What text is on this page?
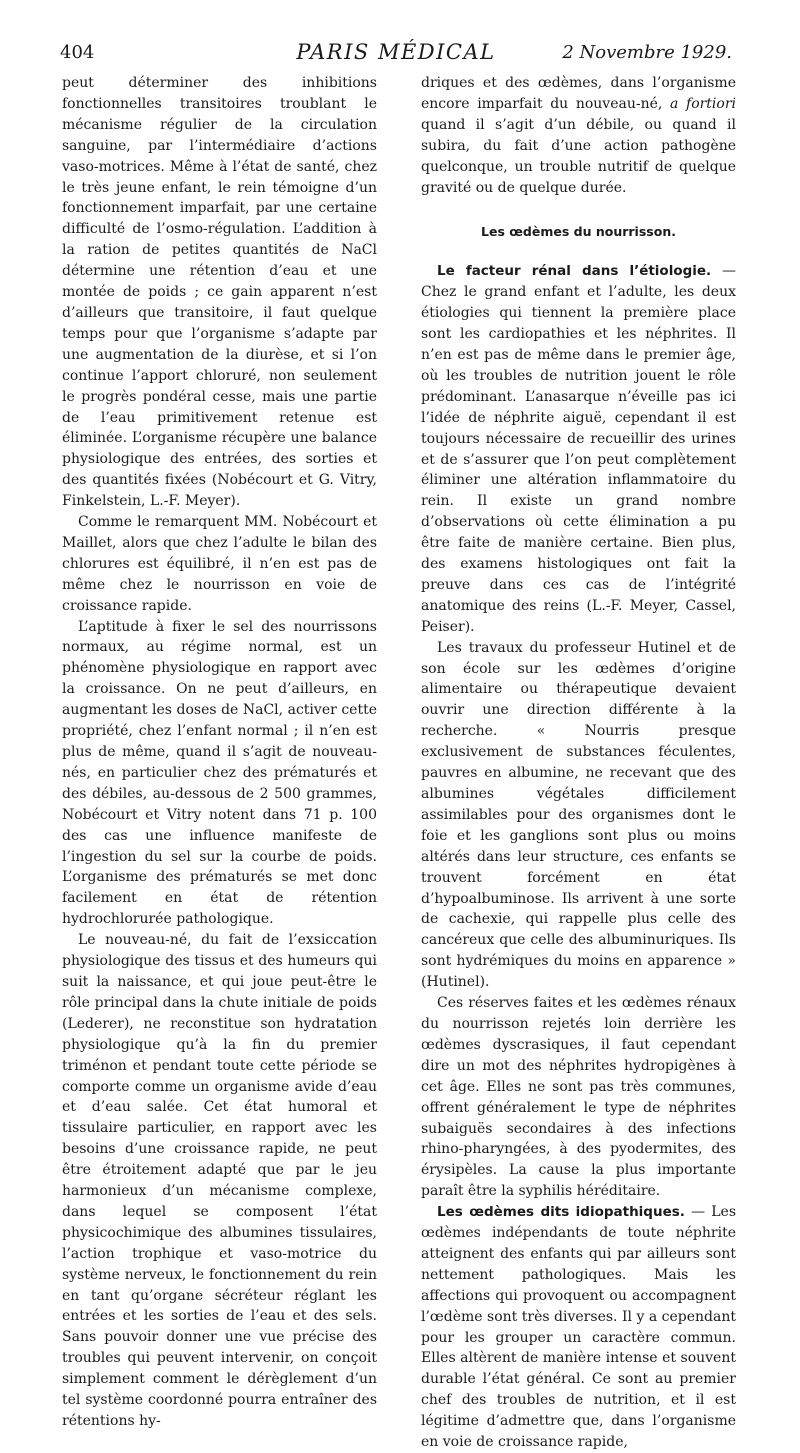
404	PARIS MÉDICAL	2 Novembre 1929.

peut déterminer des inhibitions fonctionnelles transitoires troublant le mécanisme régulier de la circulation sanguine, par l’intermédiaire d’actions vaso-motrices. Même à l’état de santé, chez le très jeune enfant, le rein témoigne d’un fonctionnement imparfait, par une certaine difficulté de l’osmo-régulation. L’addition à la ration de petites quantités de NaCl détermine une rétention d’eau et une montée de poids ; ce gain apparent n’est d’ailleurs que transitoire, il faut quelque temps pour que l’organisme s’adapte par une augmentation de la diurèse, et si l’on continue l’apport chloruré, non seulement le progrès pondéral cesse, mais une partie de l’eau primitivement retenue est éliminée. L’organisme récupère une balance physiologique des entrées, des sorties et des quantités fixées (Nobécourt et G. Vitry, Finkelstein, L.-F. Meyer).

Comme le remarquent MM. Nobécourt et Maillet, alors que chez l’adulte le bilan des chlorures est équilibré, il n’en est pas de même chez le nourrisson en voie de croissance rapide.

L’aptitude à fixer le sel des nourrissons normaux, au régime normal, est un phénomène physiologique en rapport avec la croissance. On ne peut d’ailleurs, en augmentant les doses de NaCl, activer cette propriété, chez l’enfant normal ; il n’en est plus de même, quand il s’agit de nouveau-nés, en particulier chez des prématurés et des débiles, au-dessous de 2 500 grammes, Nobécourt et Vitry notent dans 71 p. 100 des cas une influence manifeste de l’ingestion du sel sur la courbe de poids. L’organisme des prématurés se met donc facilement en état de rétention hydrochlorurée pathologique.

Le nouveau-né, du fait de l’exsiccation physiologique des tissus et des humeurs qui suit la naissance, et qui joue peut-être le rôle principal dans la chute initiale de poids (Lederer), ne reconstitue son hydratation physiologique qu’à la fin du premier triménon et pendant toute cette période se comporte comme un organisme avide d’eau et d’eau salée. Cet état humoral et tissulaire particulier, en rapport avec les besoins d’une croissance rapide, ne peut être étroitement adapté que par le jeu harmonieux d’un mécanisme complexe, dans lequel se composent l’état physicochimique des albumines tissulaires, l’action trophique et vaso-motrice du système nerveux, le fonctionnement du rein en tant qu’organe sécréteur réglant les entrées et les sorties de l’eau et des sels. Sans pouvoir donner une vue précise des troubles qui peuvent intervenir, on conçoit simplement comment le dérèglement d’un tel système coordonné pourra entraîner des rétentions hy-

driques et des œdèmes, dans l’organisme encore imparfait du nouveau-né, a fortiori quand il s’agit d’un débile, ou quand il subira, du fait d’une action pathogène quelconque, un trouble nutritif de quelque gravité ou de quelque durée.

Les œdèmes du nourrisson.

Le facteur rénal dans l’étiologie. — Chez le grand enfant et l’adulte, les deux étiologies qui tiennent la première place sont les cardiopathies et les néphrites. Il n’en est pas de même dans le premier âge, où les troubles de nutrition jouent le rôle prédominant. L’anasarque n’éveille pas ici l’idée de néphrite aiguë, cependant il est toujours nécessaire de recueillir des urines et de s’assurer que l’on peut complètement éliminer une altération inflammatoire du rein. Il existe un grand nombre d’observations où cette élimination a pu être faite de manière certaine. Bien plus, des examens histologiques ont fait la preuve dans ces cas de l’intégrité anatomique des reins (L.-F. Meyer, Cassel, Peiser).

Les travaux du professeur Hutinel et de son école sur les œdèmes d’origine alimentaire ou thérapeutique devaient ouvrir une direction différente à la recherche. « Nourris presque exclusivement de substances féculentes, pauvres en albumine, ne recevant que des albumines végétales difficilement assimilables pour des organismes dont le foie et les ganglions sont plus ou moins altérés dans leur structure, ces enfants se trouvent forcément en état d’hypoalbuminose. Ils arrivent à une sorte de cachexie, qui rappelle plus celle des cancéreux que celle des albuminuriques. Ils sont hydrémiques du moins en apparence » (Hutinel).

Ces réserves faites et les œdèmes rénaux du nourrisson rejetés loin derrière les œdèmes dyscrasiques, il faut cependant dire un mot des néphrites hydropigènes à cet âge. Elles ne sont pas très communes, offrent généralement le type de néphrites subaiguës secondaires à des infections rhino-pharyngées, à des pyodermites, des érysipèles. La cause la plus importante paraît être la syphilis héréditaire.

Les œdèmes dits idiopathiques. — Les œdèmes indépendants de toute néphrite atteignent des enfants qui par ailleurs sont nettement pathologiques. Mais les affections qui provoquent ou accompagnent l’œdème sont très diverses. Il y a cependant pour les grouper un caractère commun. Elles altèrent de manière intense et souvent durable l’état général. Ce sont au premier chef des troubles de nutrition, et il est légitime d’admettre que, dans l’organisme en voie de croissance rapide,
